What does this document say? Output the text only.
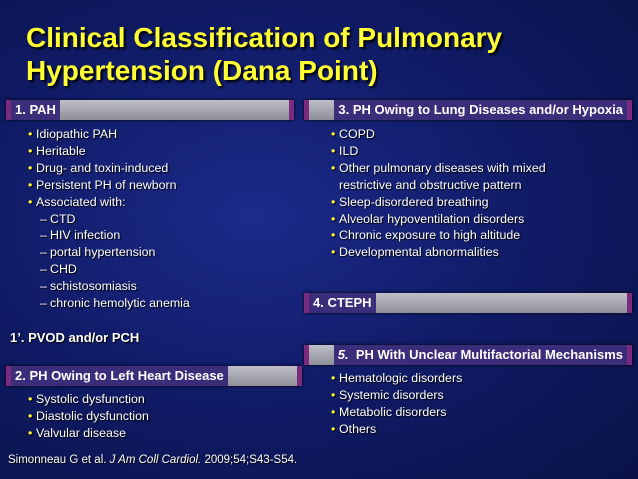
Clinical Classification of Pulmonary
Hypertension (Dana Point)
1. PAH
• Idiopathic PAH
• Heritable
• Drug- and toxin-induced
• Persistent PH of newborn
• Associated with:
– CTD
– HIV infection
– portal hypertension
– CHD
– schistosomiasis
– chronic hemolytic anemia
1’. PVOD and/or PCH
2. PH Owing to Left Heart Disease
• Systolic dysfunction
• Diastolic dysfunction
• Valvular disease
3. PH Owing to Lung Diseases and/or Hypoxia
• COPD
• ILD
• Other pulmonary diseases with mixed
restrictive and obstructive pattern
• Sleep-disordered breathing
• Alveolar hypoventilation disorders
• Chronic exposure to high altitude
• Developmental abnormalities
4. CTEPH
5. PH With Unclear Multifactorial Mechanisms
• Hematologic disorders
• Systemic disorders
• Metabolic disorders
• Others
Simonneau G et al. J Am Coll Cardiol. 2009;54;S43-S54.
